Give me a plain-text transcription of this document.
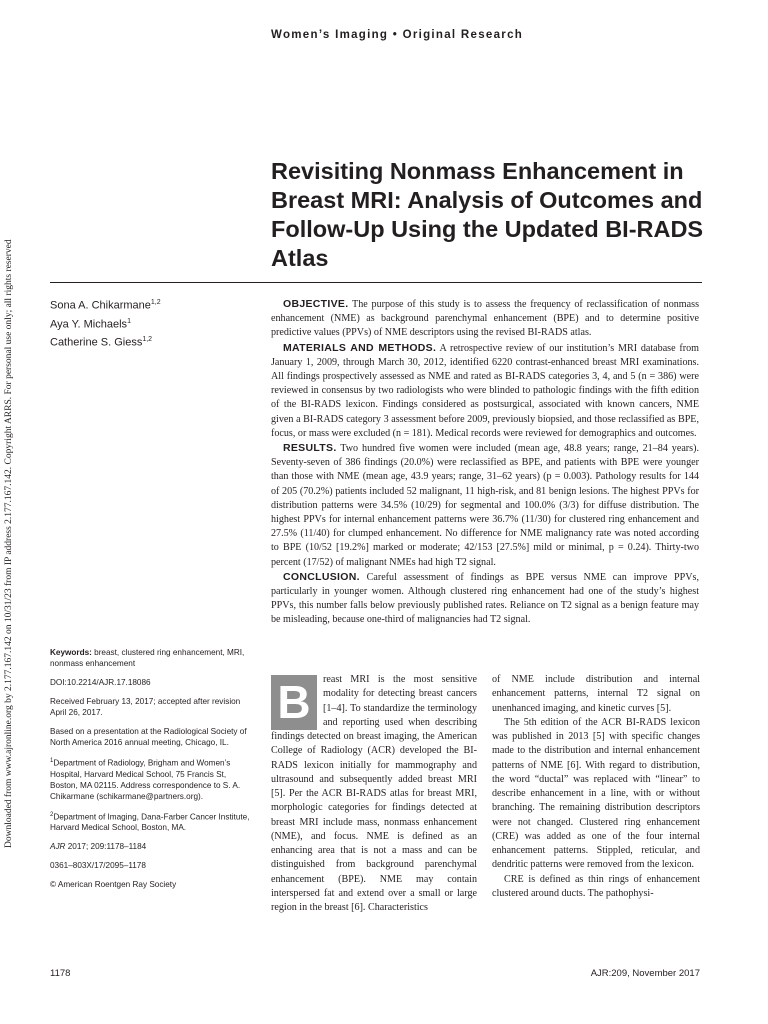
Downloaded from www.ajronline.org by 2.177.167.142 on 10/31/23 from IP address 2.177.167.142. Copyright ARRS. For personal use only; all rights reserved
Women’s Imaging • Original Research
Revisiting Nonmass Enhancement in Breast MRI: Analysis of Outcomes and Follow-Up Using the Updated BI-RADS Atlas
Sona A. Chikarmane$^{1,2}$
Aya Y. Michaels$^1$
Catherine S. Giess$^{1,2}$

OBJECTIVE. The purpose of this study is to assess the frequency of reclassification of nonmass enhancement (NME) as background parenchymal enhancement (BPE) and to determine positive predictive values (PPVs) of NME descriptors using the revised BI-RADS atlas.

MATERIALS AND METHODS. A retrospective review of our institution’s MRI database from January 1, 2009, through March 30, 2012, identified 6220 contrast-enhanced breast MRI examinations. All findings prospectively assessed as NME and rated as BI-RADS categories 3, 4, and 5 (n = 386) were reviewed in consensus by two radiologists who were blinded to pathologic findings with the fifth edition of the BI-RADS lexicon. Findings considered as postsurgical, associated with known cancers, NME given a BI-RADS category 3 assessment before 2009, previously biopsied, and those reclassified as BPE, focus, or mass were excluded (n = 181). Medical records were reviewed for demographics and outcomes.

RESULTS. Two hundred five women were included (mean age, 48.8 years; range, 21–84 years). Seventy-seven of 386 findings (20.0%) were reclassified as BPE, and patients with BPE were younger than those with NME (mean age, 43.9 years; range, 31–62 years) (p = 0.003). Pathology results for 144 of 205 (70.2%) patients included 52 malignant, 11 high-risk, and 81 benign lesions. The highest PPVs for distribution patterns were 34.5% (10/29) for segmental and 100.0% (3/3) for diffuse distribution. The highest PPVs for internal enhancement patterns were 36.7% (11/30) for clustered ring enhancement and 27.5% (11/40) for clumped enhancement. No difference for NME malignancy rate was noted according to BPE (10/52 [19.2%] marked or moderate; 42/153 [27.5%] mild or minimal, p = 0.24). Thirty-two percent (17/52) of malignant NMEs had high T2 signal.

CONCLUSION. Careful assessment of findings as BPE versus NME can improve PPVs, particularly in younger women. Although clustered ring enhancement had one of the study’s highest PPVs, this number falls below previously published rates. Reliance on T2 signal as a benign feature may be misleading, because one-third of malignancies had T2 signal.

Keywords: breast, clustered ring enhancement, MRI, nonmass enhancement

DOI:10.2214/AJR.17.18086

Received February 13, 2017; accepted after revision April 26, 2017.

Based on a presentation at the Radiological Society of North America 2016 annual meeting, Chicago, IL.

$^1$Department of Radiology, Brigham and Women’s Hospital, Harvard Medical School, 75 Francis St, Boston, MA 02115. Address correspondence to S. A. Chikarmane (schikarmane@partners.org).

$^2$Department of Imaging, Dana-Farber Cancer Institute, Harvard Medical School, Boston, MA.

AJR 2017; 209:1178–1184

0361–803X/17/2095–1178

© American Roentgen Ray Society

B	reast MRI is the most sensitive modality for detecting breast cancers [1–4]. To standardize the terminology and reporting used when describing findings detected on breast imaging, the American College of Radiology (ACR) developed the BI-RADS lexicon initially for mammography and ultrasound and subsequently added breast MRI [5]. Per the ACR BI-RADS atlas for breast MRI, morphologic categories for findings detected at breast MRI include mass, nonmass enhancement (NME), and focus. NME is defined as an enhancing area that is not a mass and can be distinguished from background parenchymal enhancement (BPE). NME may contain interspersed fat and extend over a small or large region in the breast [6]. Characteristics

of NME include distribution and internal enhancement patterns, internal T2 signal on unenhanced imaging, and kinetic curves [5].

The 5th edition of the ACR BI-RADS lexicon was published in 2013 [5] with specific changes made to the distribution and internal enhancement patterns of NME [6]. With regard to distribution, the word “ductal” was replaced with “linear” to describe enhancement in a line, with or without branching. The remaining distribution descriptors were not changed. Clustered ring enhancement (CRE) was added as one of the four internal enhancement patterns. Stippled, reticular, and dendritic patterns were removed from the lexicon.

CRE is defined as thin rings of enhancement clustered around ducts. The pathophysi-

1178	AJR:209, November 2017
